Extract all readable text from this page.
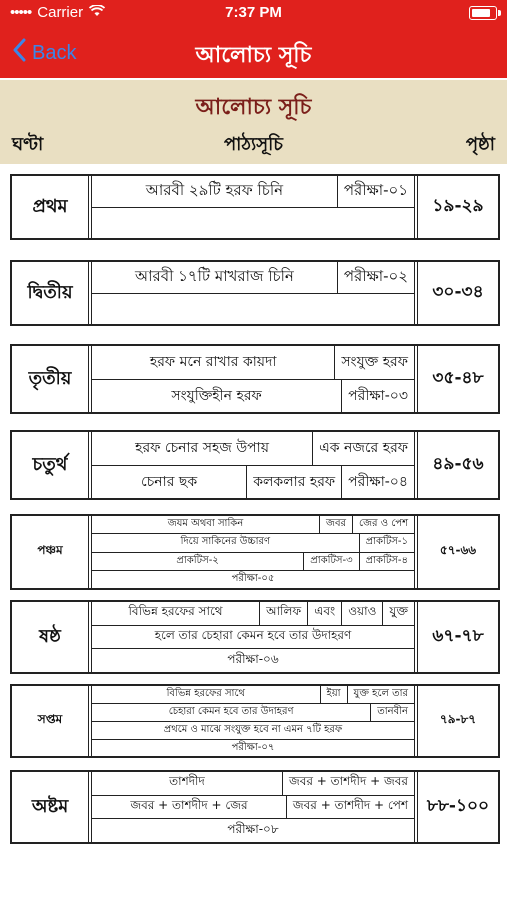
••••• Carrier	7:37 PM
Back	আলোচ্য সূচি
আলোচ্য সূচি
ঘণ্টা	পাঠ্যসূচি	পৃষ্ঠা
প্রথম
আরবী ২৯টি হরফ চিনি	পরীক্ষা-০১
১৯-২৯
দ্বিতীয়
আরবী ১৭টি মাখরাজ চিনি	পরীক্ষা-০২
৩০-৩৪
তৃতীয়
হরফ মনে রাখার কায়দা	সংযুক্ত হরফ
সংযুক্তিহীন হরফ	পরীক্ষা-০৩
৩৫-৪৮
চতুর্থ
হরফ চেনার সহজ উপায়	এক নজরে হরফ
চেনার ছক	কলকলার হরফ পরীক্ষা-০৪
৪৯-৫৬
পঞ্চম
জযম অথবা সাকিন	জবর	জের ও পেশ
দিয়ে সাকিনের উচ্চারণ	প্রাকটিস-১
প্রাকটিস-২	প্রাকটিস-৩	প্রাকটিস-৪
পরীক্ষা-০৫
৫৭-৬৬
ষষ্ঠ
বিভিন্ন হরফের সাথে	আলিফ	এবং	ওয়াও	যুক্ত
হলে তার চেহারা কেমন হবে তার উদাহরণ
পরীক্ষা-০৬
৬৭-৭৮
সপ্তম
বিভিন্ন হরফের সাথে	ইয়া	যুক্ত হলে তার
চেহারা কেমন হবে তার উদাহরণ	তানবীন
প্রথমে ও মাঝে সংযুক্ত হবে না এমন ৭টি হরফ
পরীক্ষা-০৭
৭৯-৮৭
অষ্টম
তাশদীদ	জবর + তাশদীদ + জবর
জবর + তাশদীদ + জের	জবর + তাশদীদ + পেশ
পরীক্ষা-০৮
৮৮-১০০
